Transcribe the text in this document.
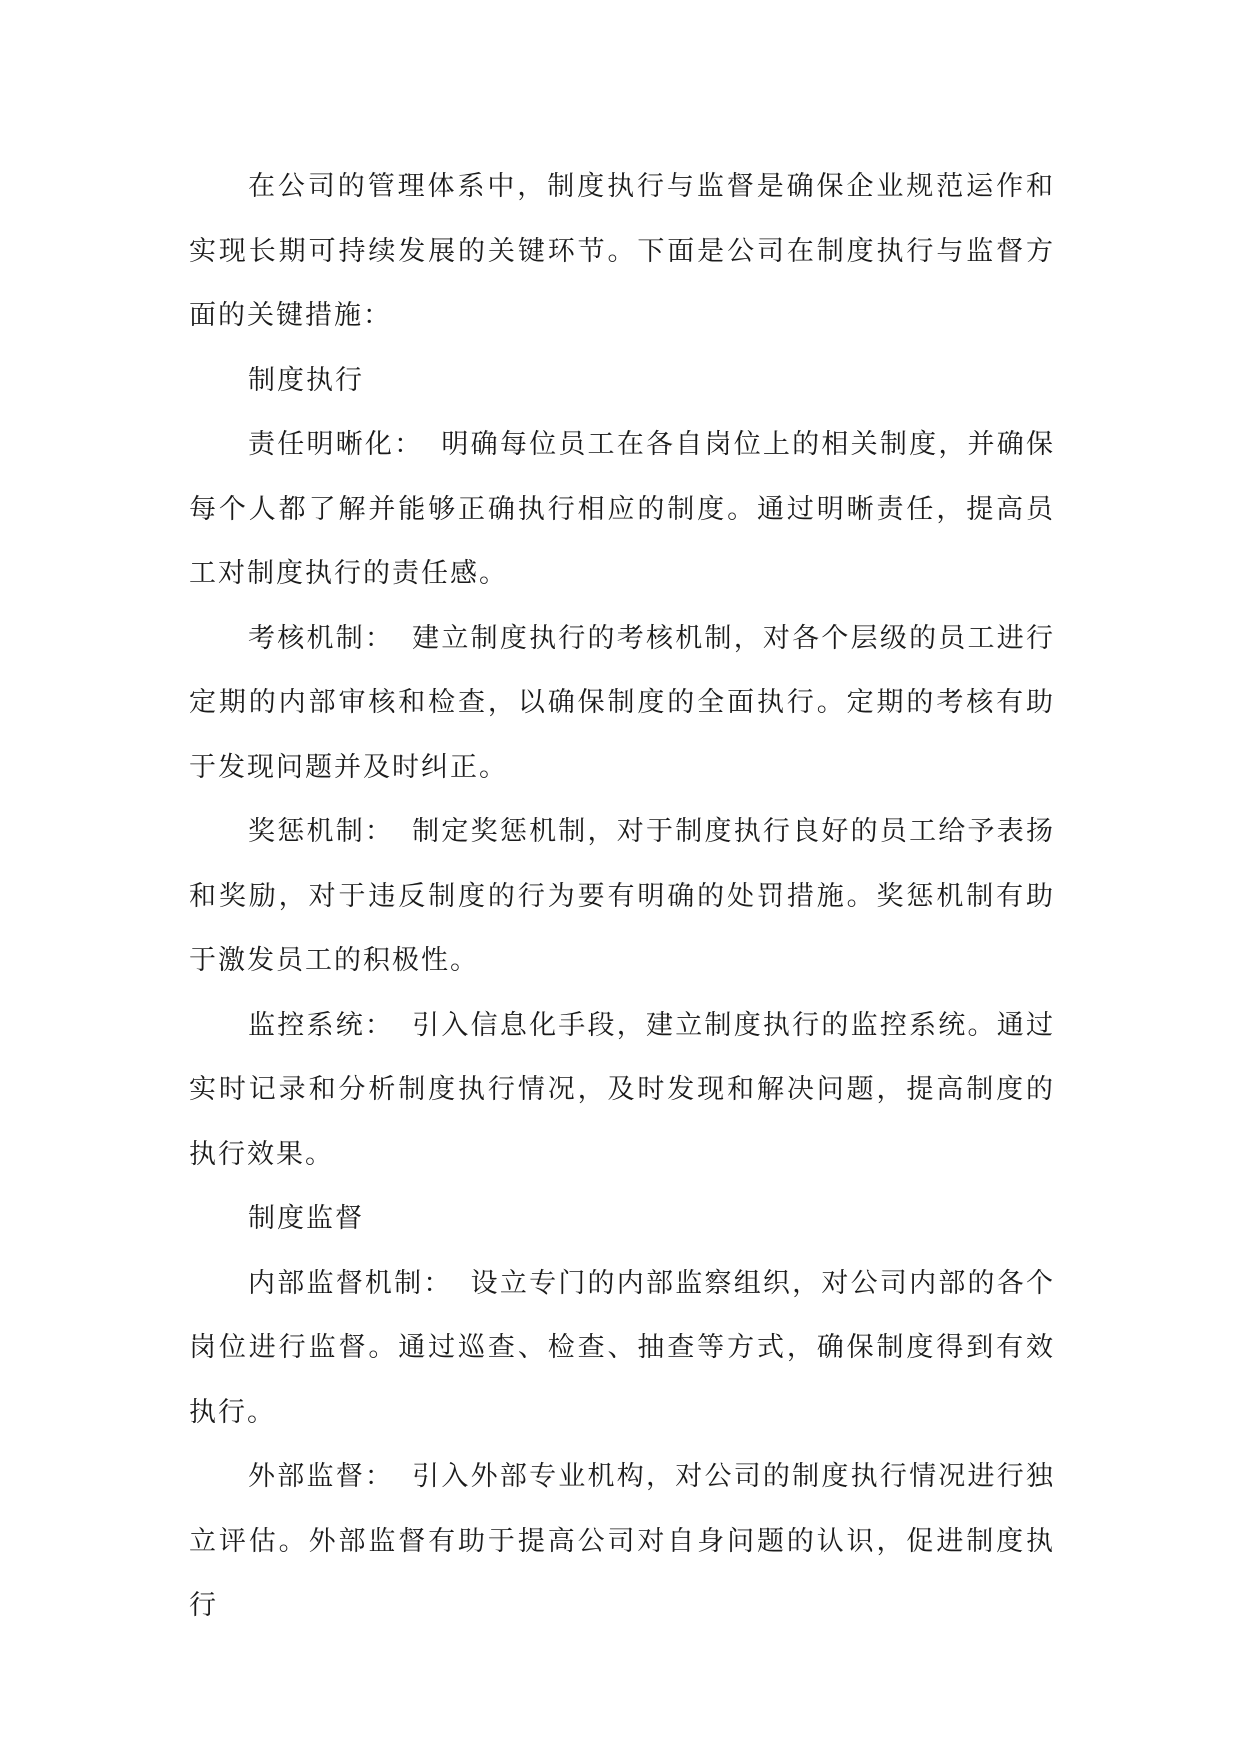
在公司的管理体系中，制度执行与监督是确保企业规范运作和实现长期可持续发展的关键环节。下面是公司在制度执行与监督方面的关键措施：

制度执行

责任明晰化： 明确每位员工在各自岗位上的相关制度，并确保每个人都了解并能够正确执行相应的制度。通过明晰责任，提高员工对制度执行的责任感。

考核机制： 建立制度执行的考核机制，对各个层级的员工进行定期的内部审核和检查，以确保制度的全面执行。定期的考核有助于发现问题并及时纠正。

奖惩机制： 制定奖惩机制，对于制度执行良好的员工给予表扬和奖励，对于违反制度的行为要有明确的处罚措施。奖惩机制有助于激发员工的积极性。

监控系统： 引入信息化手段，建立制度执行的监控系统。通过实时记录和分析制度执行情况，及时发现和解决问题，提高制度的执行效果。

制度监督

内部监督机制： 设立专门的内部监察组织，对公司内部的各个岗位进行监督。通过巡查、检查、抽查等方式，确保制度得到有效执行。

外部监督： 引入外部专业机构，对公司的制度执行情况进行独立评估。外部监督有助于提高公司对自身问题的认识，促进制度执行
